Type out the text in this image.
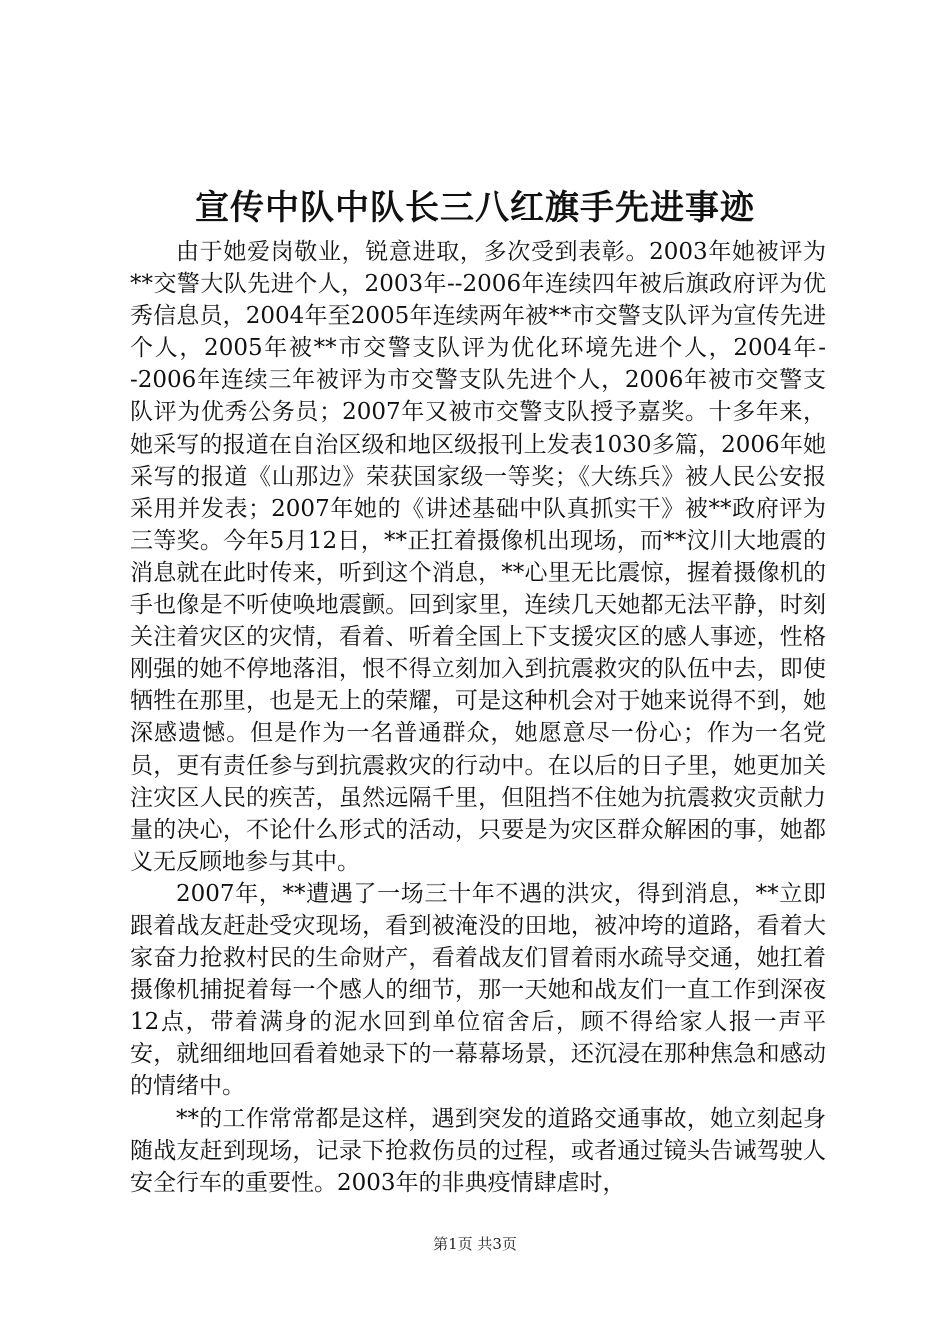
宣传中队中队长三八红旗手先进事迹

由于她爱岗敬业，锐意进取，多次受到表彰。2003年她被评为**交警大队先进个人，2003年--2006年连续四年被后旗政府评为优秀信息员，2004年至2005年连续两年被**市交警支队评为宣传先进个人，2005年被**市交警支队评为优化环境先进个人，2004年--2006年连续三年被评为市交警支队先进个人，2006年被市交警支队评为优秀公务员；2007年又被市交警支队授予嘉奖。十多年来，她采写的报道在自治区级和地区级报刊上发表1030多篇，2006年她采写的报道《山那边》荣获国家级一等奖；《大练兵》被人民公安报采用并发表；2007年她的《讲述基础中队真抓实干》被**政府评为三等奖。今年5月12日，**正扛着摄像机出现场，而**汶川大地震的消息就在此时传来，听到这个消息，**心里无比震惊，握着摄像机的手也像是不听使唤地震颤。回到家里，连续几天她都无法平静，时刻关注着灾区的灾情，看着、听着全国上下支援灾区的感人事迹，性格刚强的她不停地落泪，恨不得立刻加入到抗震救灾的队伍中去，即使牺牲在那里，也是无上的荣耀，可是这种机会对于她来说得不到，她深感遗憾。但是作为一名普通群众，她愿意尽一份心；作为一名党员，更有责任参与到抗震救灾的行动中。在以后的日子里，她更加关注灾区人民的疾苦，虽然远隔千里，但阻挡不住她为抗震救灾贡献力量的决心，不论什么形式的活动，只要是为灾区群众解困的事，她都义无反顾地参与其中。

2007年，**遭遇了一场三十年不遇的洪灾，得到消息，**立即跟着战友赶赴受灾现场，看到被淹没的田地，被冲垮的道路，看着大家奋力抢救村民的生命财产，看着战友们冒着雨水疏导交通，她扛着摄像机捕捉着每一个感人的细节，那一天她和战友们一直工作到深夜12点，带着满身的泥水回到单位宿舍后，顾不得给家人报一声平安，就细细地回看着她录下的一幕幕场景，还沉浸在那种焦急和感动的情绪中。

**的工作常常都是这样，遇到突发的道路交通事故，她立刻起身随战友赶到现场，记录下抢救伤员的过程，或者通过镜头告诫驾驶人安全行车的重要性。2003年的非典疫情肆虐时，

第1页 共3页
